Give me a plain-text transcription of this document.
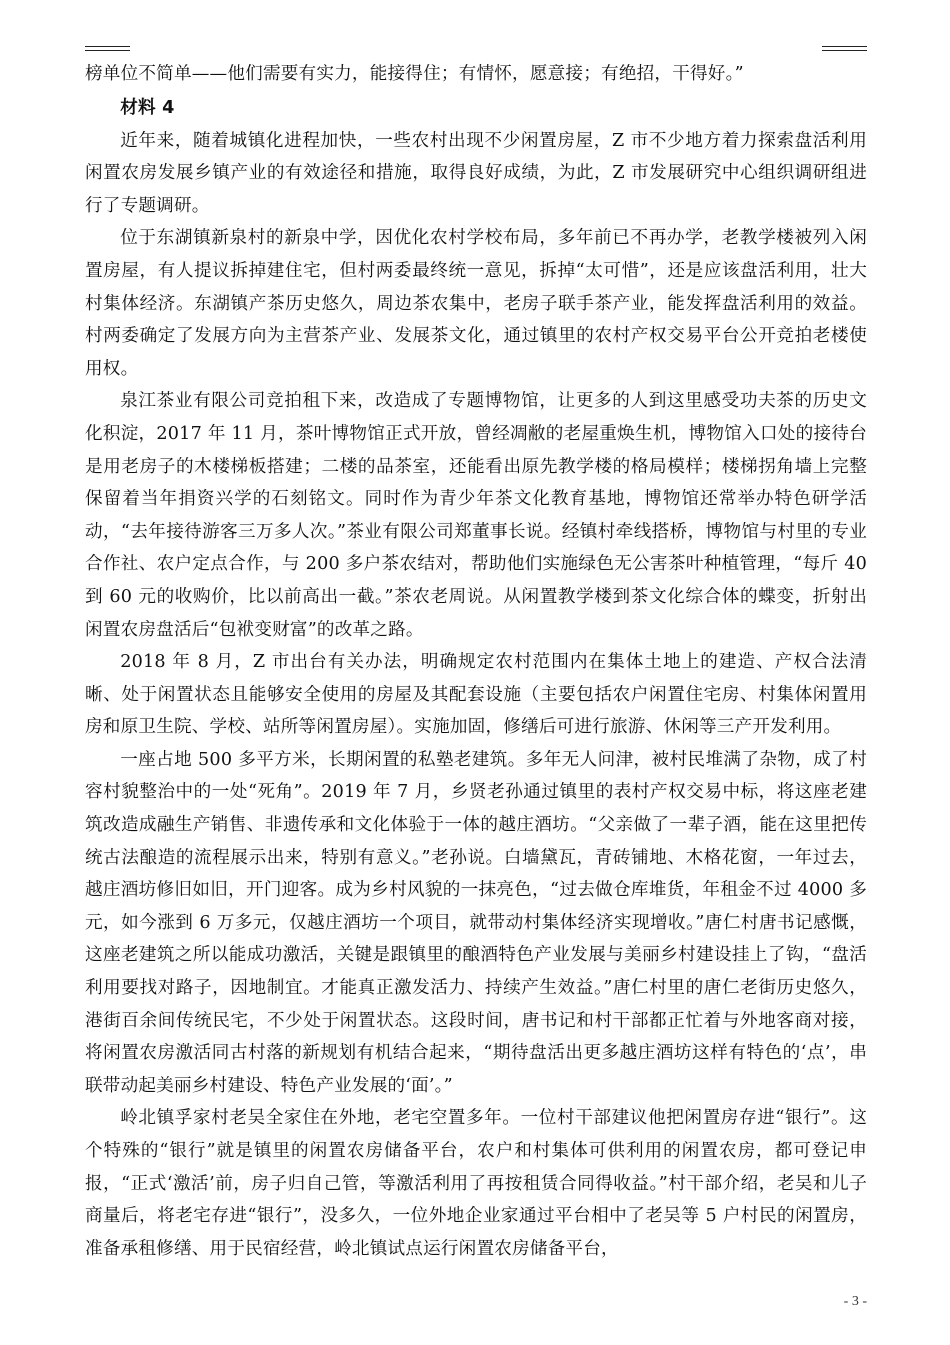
榜单位不简单——他们需要有实力，能接得住；有情怀，愿意接；有绝招，干得好。”

材料 4

近年来，随着城镇化进程加快，一些农村出现不少闲置房屋，Z 市不少地方着力探索盘活利用闲置农房发展乡镇产业的有效途径和措施，取得良好成绩，为此，Z 市发展研究中心组织调研组进行了专题调研。

位于东湖镇新泉村的新泉中学，因优化农村学校布局，多年前已不再办学，老教学楼被列入闲置房屋，有人提议拆掉建住宅，但村两委最终统一意见，拆掉“太可惜”，还是应该盘活利用，壮大村集体经济。东湖镇产茶历史悠久，周边茶农集中，老房子联手茶产业，能发挥盘活利用的效益。村两委确定了发展方向为主营茶产业、发展茶文化，通过镇里的农村产权交易平台公开竞拍老楼使用权。

泉江茶业有限公司竞拍租下来，改造成了专题博物馆，让更多的人到这里感受功夫茶的历史文化积淀，2017 年 11 月，茶叶博物馆正式开放，曾经凋敝的老屋重焕生机，博物馆入口处的接待台是用老房子的木楼梯板搭建；二楼的品茶室，还能看出原先教学楼的格局模样；楼梯拐角墙上完整保留着当年捐资兴学的石刻铭文。同时作为青少年茶文化教育基地，博物馆还常举办特色研学活动，“去年接待游客三万多人次。”茶业有限公司郑董事长说。经镇村牵线搭桥，博物馆与村里的专业合作社、农户定点合作，与 200 多户茶农结对，帮助他们实施绿色无公害茶叶种植管理，“每斤 40 到 60 元的收购价，比以前高出一截。”茶农老周说。从闲置教学楼到茶文化综合体的蝶变，折射出闲置农房盘活后“包袱变财富”的改革之路。

2018 年 8 月，Z 市出台有关办法，明确规定农村范围内在集体土地上的建造、产权合法清晰、处于闲置状态且能够安全使用的房屋及其配套设施（主要包括农户闲置住宅房、村集体闲置用房和原卫生院、学校、站所等闲置房屋）。实施加固，修缮后可进行旅游、休闲等三产开发利用。

一座占地 500 多平方米，长期闲置的私塾老建筑。多年无人问津，被村民堆满了杂物，成了村容村貌整治中的一处“死角”。2019 年 7 月，乡贤老孙通过镇里的表村产权交易中标，将这座老建筑改造成融生产销售、非遗传承和文化体验于一体的越庄酒坊。“父亲做了一辈子酒，能在这里把传统古法酿造的流程展示出来，特别有意义。”老孙说。白墙黛瓦，青砖铺地、木格花窗，一年过去，越庄酒坊修旧如旧，开门迎客。成为乡村风貌的一抹亮色，“过去做仓库堆货，年租金不过 4000 多元，如今涨到 6 万多元，仅越庄酒坊一个项目，就带动村集体经济实现增收。”唐仁村唐书记感慨，这座老建筑之所以能成功激活，关键是跟镇里的酿酒特色产业发展与美丽乡村建设挂上了钩，“盘活利用要找对路子，因地制宜。才能真正激发活力、持续产生效益。”唐仁村里的唐仁老街历史悠久，港街百余间传统民宅，不少处于闲置状态。这段时间，唐书记和村干部都正忙着与外地客商对接，将闲置农房激活同古村落的新规划有机结合起来，“期待盘活出更多越庄酒坊这样有特色的‘点’，串联带动起美丽乡村建设、特色产业发展的‘面’。”

岭北镇孚家村老吴全家住在外地，老宅空置多年。一位村干部建议他把闲置房存进“银行”。这个特殊的“银行”就是镇里的闲置农房储备平台，农户和村集体可供利用的闲置农房，都可登记申报，“正式‘激活’前，房子归自己管，等激活利用了再按租赁合同得收益。”村干部介绍，老吴和儿子商量后，将老宅存进“银行”，没多久，一位外地企业家通过平台相中了老吴等 5 户村民的闲置房，准备承租修缮、用于民宿经营，岭北镇试点运行闲置农房储备平台，

- 3 -
